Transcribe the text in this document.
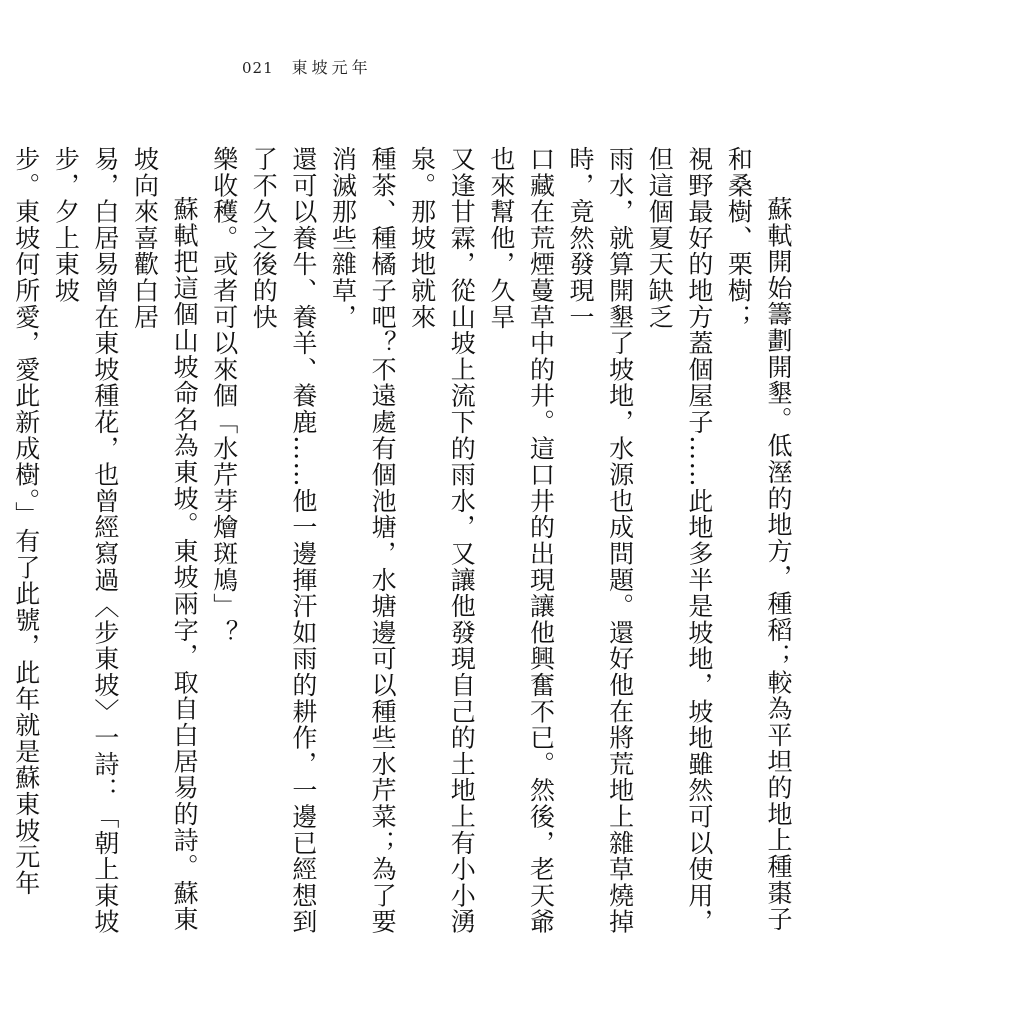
021 東坡元年

蘇軾開始籌劃開墾。低溼的地方，種稻；較為平坦的地上種棗子和桑樹、栗樹；
視野最好的地方蓋個屋子……此地多半是坡地，坡地雖然可以使用，但這個夏天缺乏
雨水，就算開墾了坡地，水源也成問題。還好他在將荒地上雜草燒掉時，竟然發現一
口藏在荒煙蔓草中的井。這口井的出現讓他興奮不已。然後，老天爺也來幫他，久旱
又逢甘霖，從山坡上流下的雨水，又讓他發現自己的土地上有小小湧泉。那坡地就來
種茶、種橘子吧？不遠處有個池塘，水塘邊可以種些水芹菜；為了要消滅那些雜草，
還可以養牛、養羊、養鹿……他一邊揮汗如雨的耕作，一邊已經想到了不久之後的快
樂收穫。或者可以來個「水芹芽燴斑鳩」？

蘇軾把這個山坡命名為東坡。東坡兩字，取自白居易的詩。蘇東坡向來喜歡白居
易，白居易曾在東坡種花，也曾經寫過〈步東坡〉一詩：「朝上東坡步，夕上東坡
步。東坡何所愛，愛此新成樹。」有了此號，此年就是蘇東坡元年
